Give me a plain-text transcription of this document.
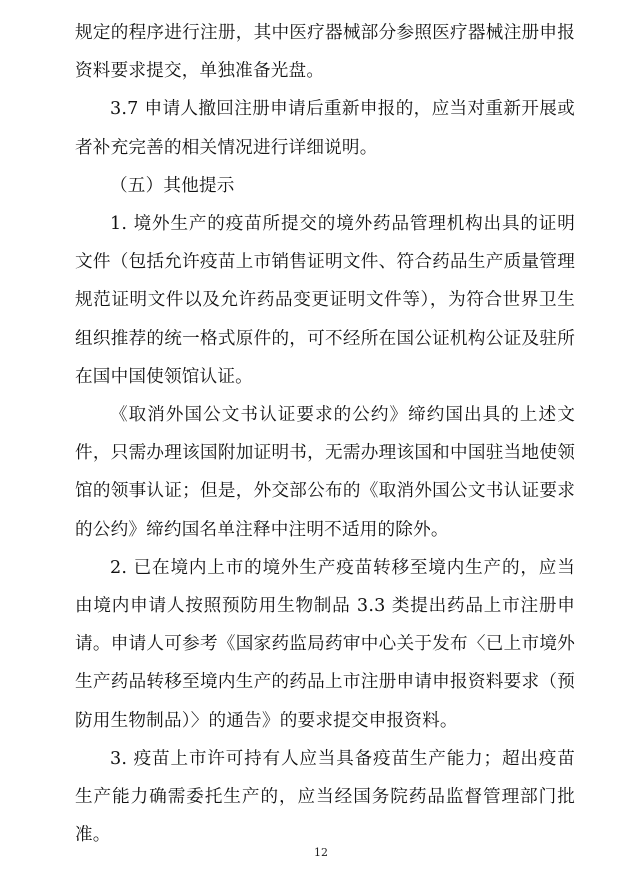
规定的程序进行注册，其中医疗器械部分参照医疗器械注册申报资料要求提交，单独准备光盘。

3.7 申请人撤回注册申请后重新申报的，应当对重新开展或者补充完善的相关情况进行详细说明。

（五）其他提示

1. 境外生产的疫苗所提交的境外药品管理机构出具的证明文件（包括允许疫苗上市销售证明文件、符合药品生产质量管理规范证明文件以及允许药品变更证明文件等），为符合世界卫生组织推荐的统一格式原件的，可不经所在国公证机构公证及驻所在国中国使领馆认证。

《取消外国公文书认证要求的公约》缔约国出具的上述文件，只需办理该国附加证明书，无需办理该国和中国驻当地使领馆的领事认证；但是，外交部公布的《取消外国公文书认证要求的公约》缔约国名单注释中注明不适用的除外。

2. 已在境内上市的境外生产疫苗转移至境内生产的，应当由境内申请人按照预防用生物制品 3.3 类提出药品上市注册申请。申请人可参考《国家药监局药审中心关于发布〈已上市境外生产药品转移至境内生产的药品上市注册申请申报资料要求（预防用生物制品）〉的通告》的要求提交申报资料。

3. 疫苗上市许可持有人应当具备疫苗生产能力；超出疫苗生产能力确需委托生产的，应当经国务院药品监督管理部门批准。

12
